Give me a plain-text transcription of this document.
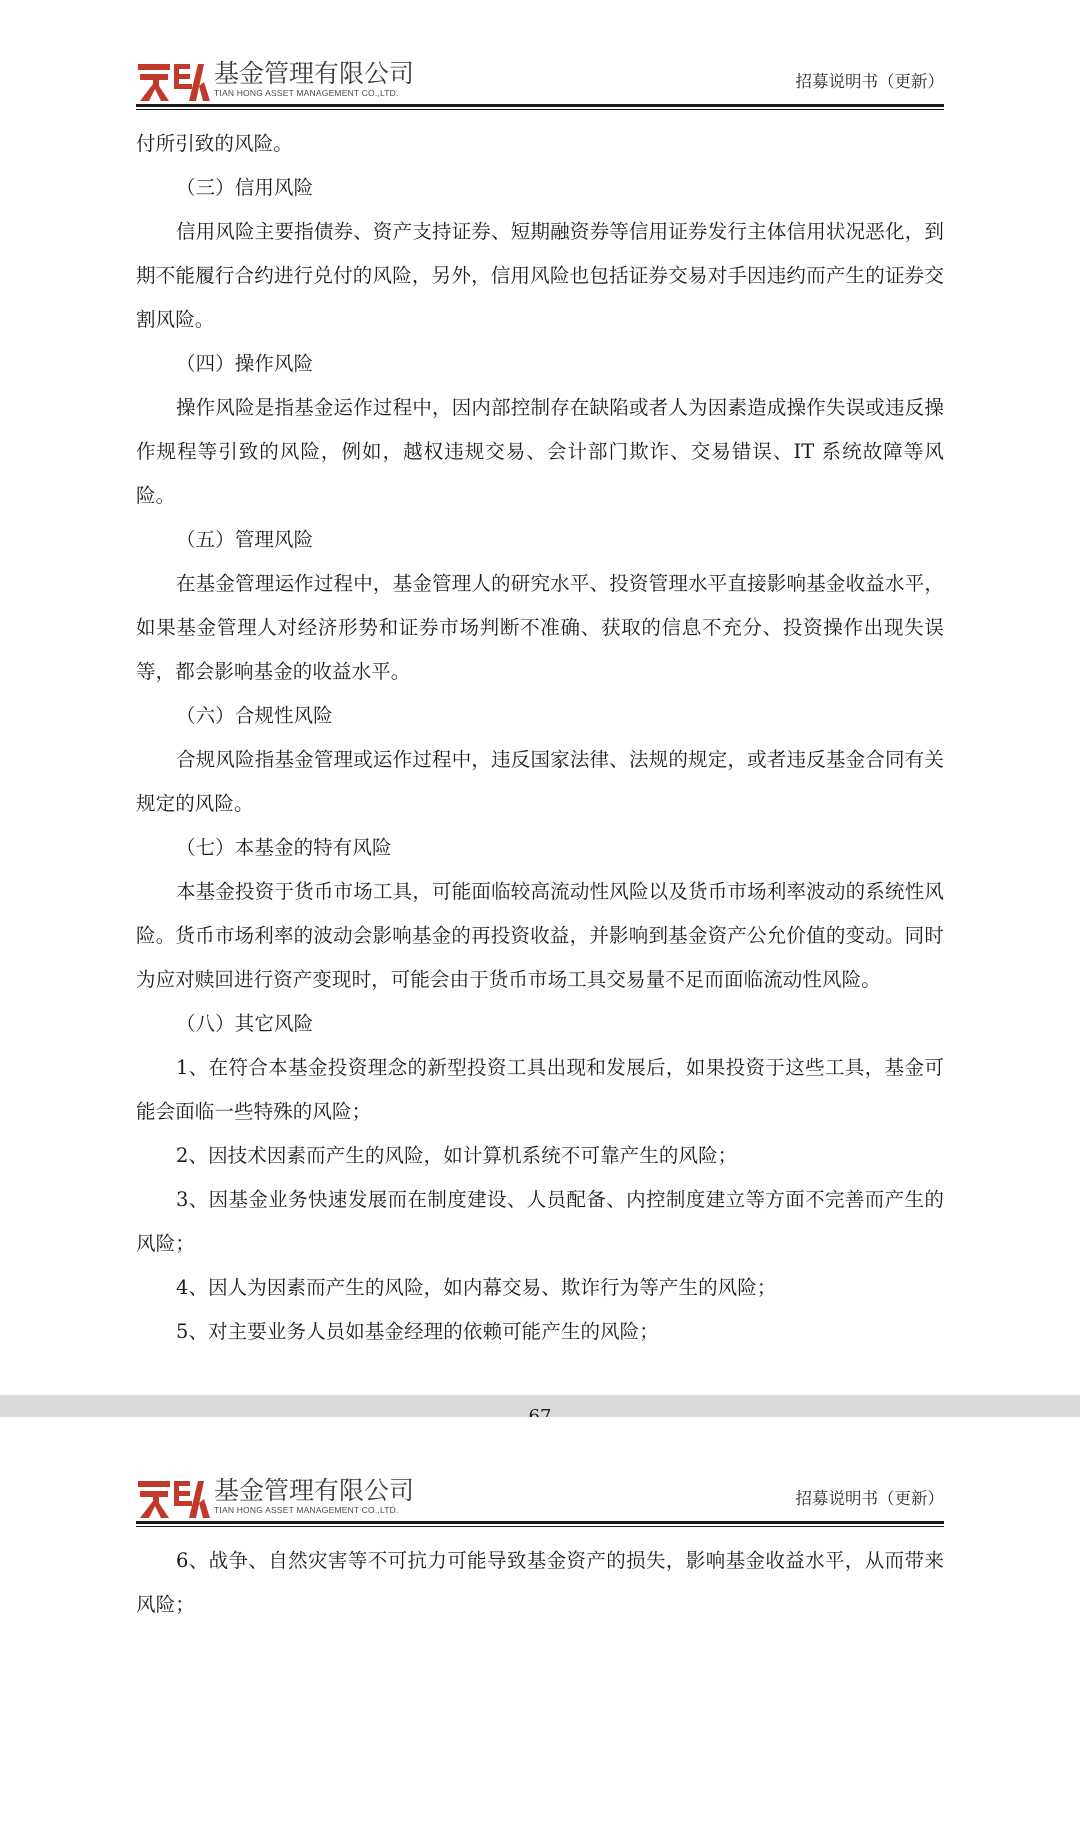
基金管理有限公司
TIAN HONG ASSET MANAGEMENT CO.,LTD.
招募说明书（更新）

付所引致的风险。

（三）信用风险

信用风险主要指债券、资产支持证券、短期融资券等信用证券发行主体信用状况恶化，到期不能履行合约进行兑付的风险，另外，信用风险也包括证券交易对手因违约而产生的证券交割风险。

（四）操作风险

操作风险是指基金运作过程中，因内部控制存在缺陷或者人为因素造成操作失误或违反操作规程等引致的风险，例如，越权违规交易、会计部门欺诈、交易错误、IT 系统故障等风险。

（五）管理风险

在基金管理运作过程中，基金管理人的研究水平、投资管理水平直接影响基金收益水平，如果基金管理人对经济形势和证券市场判断不准确、获取的信息不充分、投资操作出现失误等，都会影响基金的收益水平。

（六）合规性风险

合规风险指基金管理或运作过程中，违反国家法律、法规的规定，或者违反基金合同有关规定的风险。

（七）本基金的特有风险

本基金投资于货币市场工具，可能面临较高流动性风险以及货币市场利率波动的系统性风险。货币市场利率的波动会影响基金的再投资收益，并影响到基金资产公允价值的变动。同时为应对赎回进行资产变现时，可能会由于货币市场工具交易量不足而面临流动性风险。

（八）其它风险

1、在符合本基金投资理念的新型投资工具出现和发展后，如果投资于这些工具，基金可能会面临一些特殊的风险；

2、因技术因素而产生的风险，如计算机系统不可靠产生的风险；

3、因基金业务快速发展而在制度建设、人员配备、内控制度建立等方面不完善而产生的风险；

4、因人为因素而产生的风险，如内幕交易、欺诈行为等产生的风险；

5、对主要业务人员如基金经理的依赖可能产生的风险；

基金管理有限公司
TIAN HONG ASSET MANAGEMENT CO.,LTD.
招募说明书（更新）

6、战争、自然灾害等不可抗力可能导致基金资产的损失，影响基金收益水平，从而带来风险；
